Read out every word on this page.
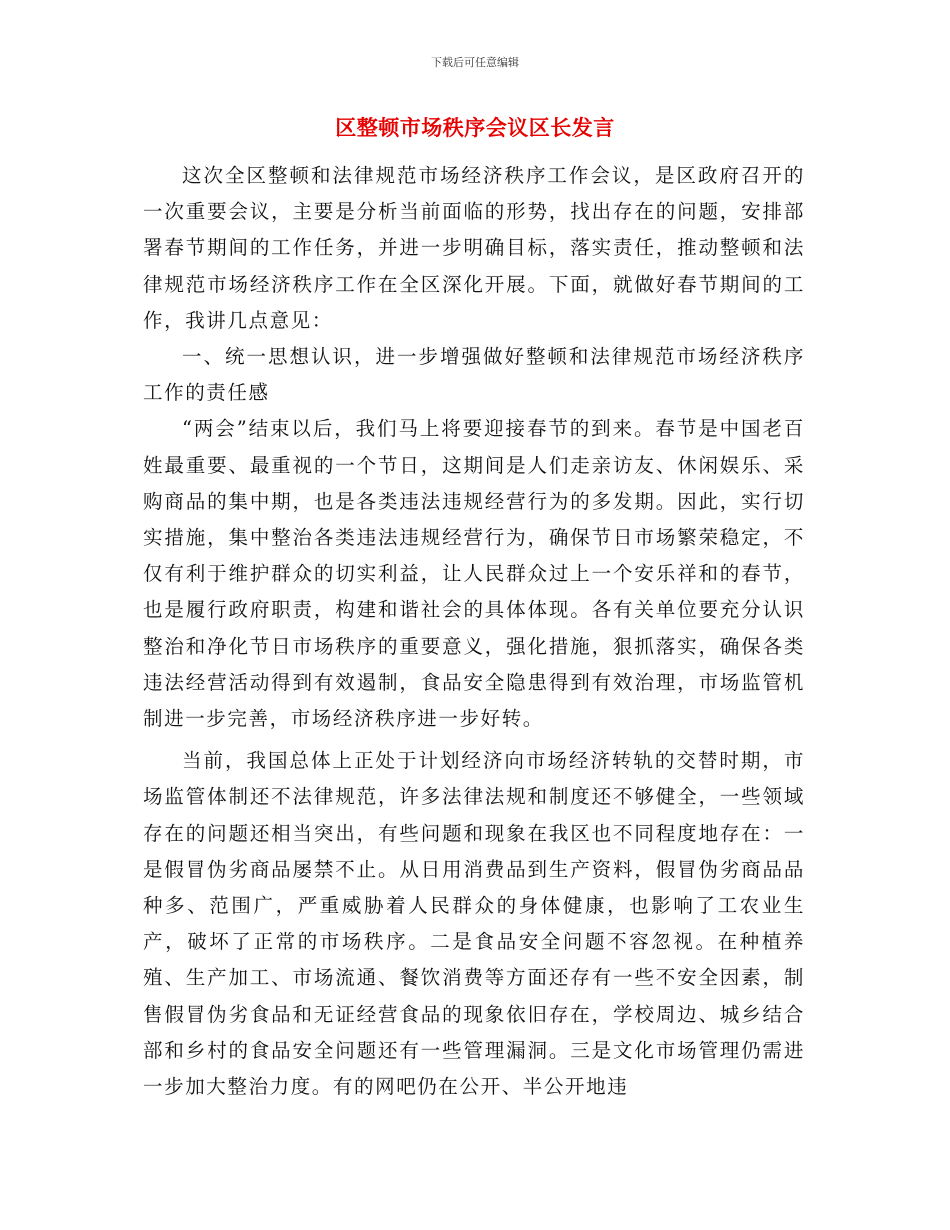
下载后可任意编辑
区整顿市场秩序会议区长发言

这次全区整顿和法律规范市场经济秩序工作会议，是区政府召开的一次重要会议，主要是分析当前面临的形势，找出存在的问题，安排部署春节期间的工作任务，并进一步明确目标，落实责任，推动整顿和法律规范市场经济秩序工作在全区深化开展。下面，就做好春节期间的工作，我讲几点意见：

一、统一思想认识，进一步增强做好整顿和法律规范市场经济秩序工作的责任感

“两会”结束以后，我们马上将要迎接春节的到来。春节是中国老百姓最重要、最重视的一个节日，这期间是人们走亲访友、休闲娱乐、采购商品的集中期，也是各类违法违规经营行为的多发期。因此，实行切实措施，集中整治各类违法违规经营行为，确保节日市场繁荣稳定，不仅有利于维护群众的切实利益，让人民群众过上一个安乐祥和的春节，也是履行政府职责，构建和谐社会的具体体现。各有关单位要充分认识整治和净化节日市场秩序的重要意义，强化措施，狠抓落实，确保各类违法经营活动得到有效遏制，食品安全隐患得到有效治理，市场监管机制进一步完善，市场经济秩序进一步好转。

当前，我国总体上正处于计划经济向市场经济转轨的交替时期，市场监管体制还不法律规范，许多法律法规和制度还不够健全，一些领域存在的问题还相当突出，有些问题和现象在我区也不同程度地存在：一是假冒伪劣商品屡禁不止。从日用消费品到生产资料，假冒伪劣商品品种多、范围广，严重威胁着人民群众的身体健康，也影响了工农业生产，破坏了正常的市场秩序。二是食品安全问题不容忽视。在种植养殖、生产加工、市场流通、餐饮消费等方面还存有一些不安全因素，制售假冒伪劣食品和无证经营食品的现象依旧存在，学校周边、城乡结合部和乡村的食品安全问题还有一些管理漏洞。三是文化市场管理仍需进一步加大整治力度。有的网吧仍在公开、半公开地违
